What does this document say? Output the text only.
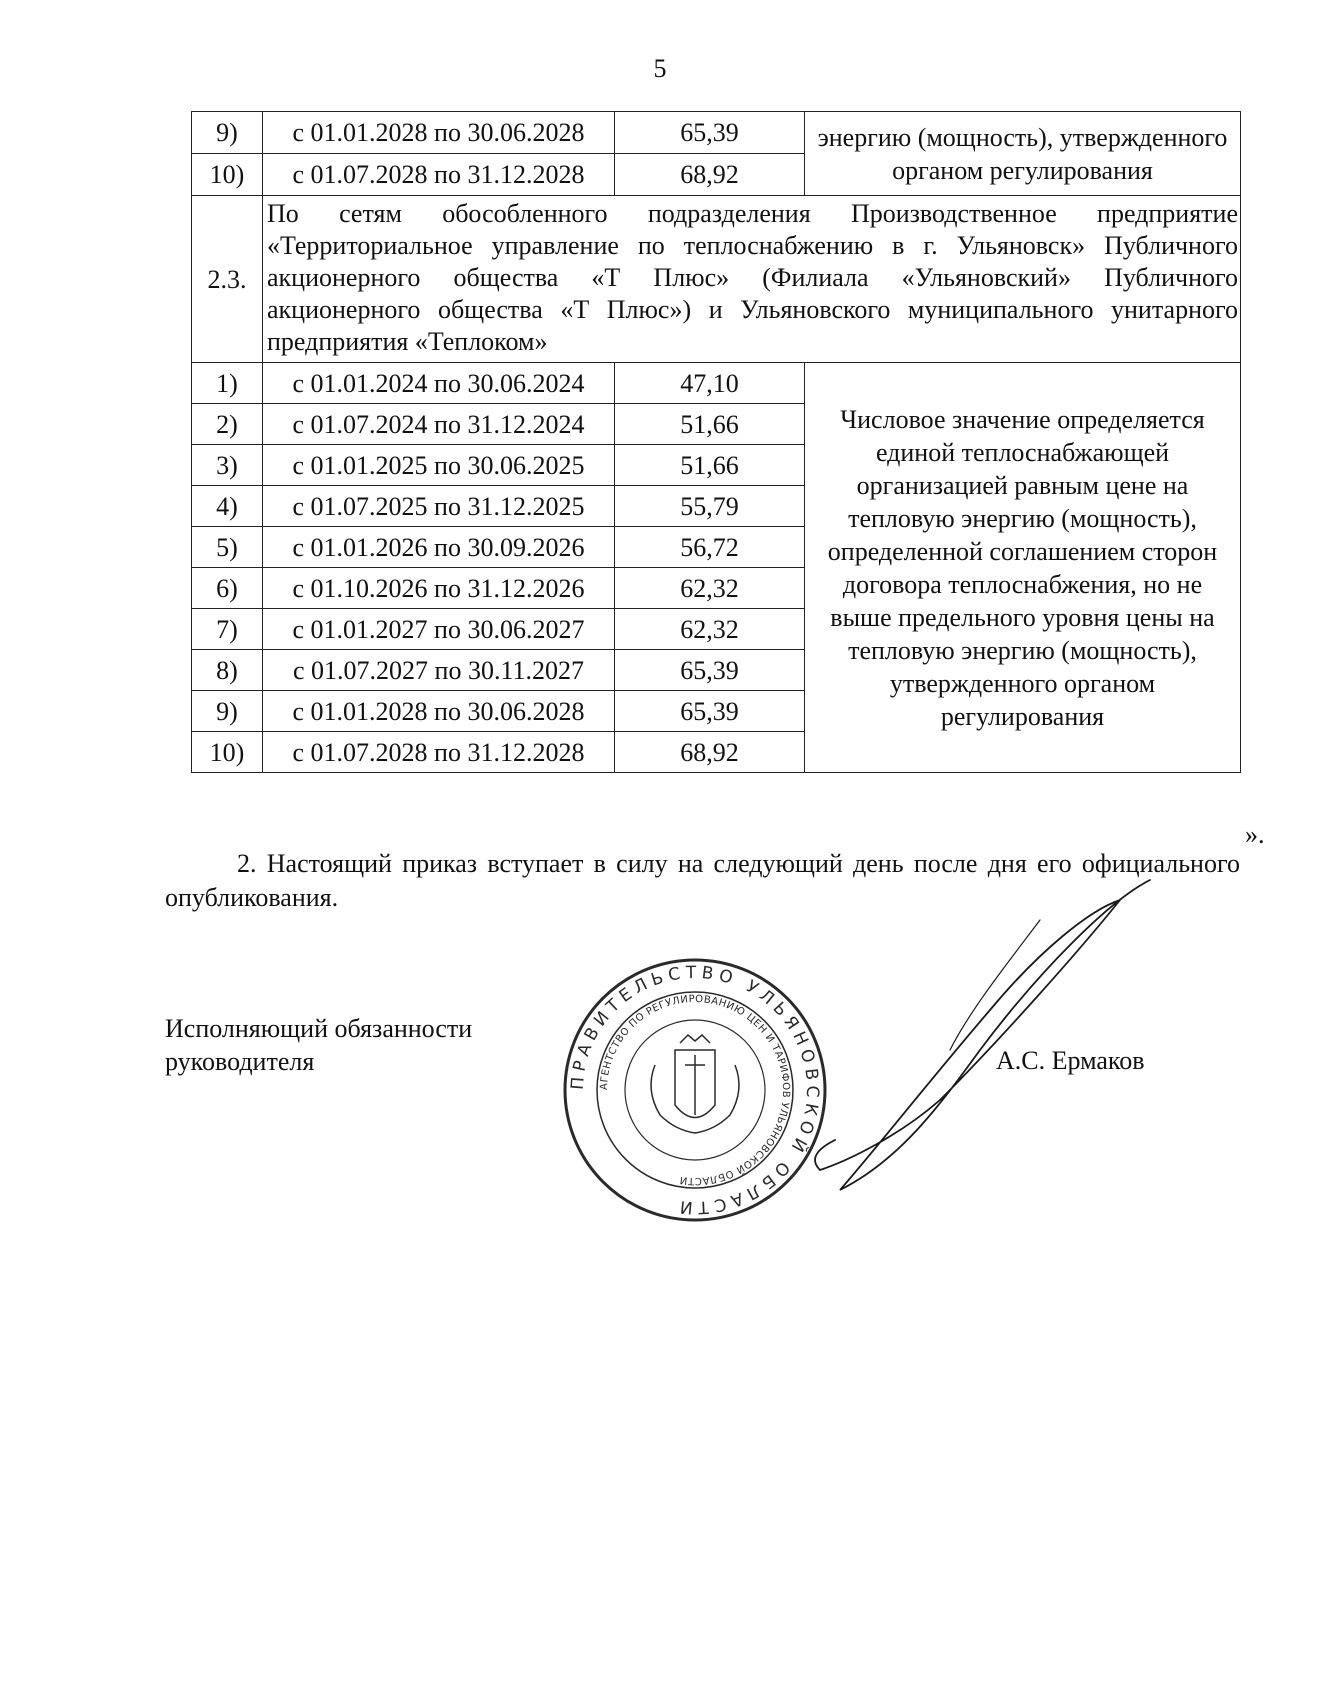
5
9)	с 01.01.2028 по 30.06.2028	65,39	энергию (мощность), утвержденного органом регулирования
10)	с 01.07.2028 по 31.12.2028	68,92	
2.3.	По сетям обособленного подразделения Производственное предприятие «Территориальное управление по теплоснабжению в г. Ульяновск» Публичного акционерного общества «Т Плюс» (Филиала «Ульяновский» Публичного акционерного общества «Т Плюс») и Ульяновского муниципального унитарного предприятия «Теплоком»		
1)	с 01.01.2024 по 30.06.2024	47,10	Числовое значение определяется единой теплоснабжающей организацией равным цене на тепловую энергию (мощность), определенной соглашением сторон договора теплоснабжения, но не выше предельного уровня цены на тепловую энергию (мощность), утвержденного органом регулирования
2)	с 01.07.2024 по 31.12.2024	51,66	
3)	с 01.01.2025 по 30.06.2025	51,66	
4)	с 01.07.2025 по 31.12.2025	55,79	
5)	с 01.01.2026 по 30.09.2026	56,72	
6)	с 01.10.2026 по 31.12.2026	62,32	
7)	с 01.01.2027 по 30.06.2027	62,32	
8)	с 01.07.2027 по 30.11.2027	65,39	
9)	с 01.01.2028 по 30.06.2028	65,39	
10)	с 01.07.2028 по 31.12.2028	68,92	
».
2. Настоящий приказ вступает в силу на следующий день после дня его официального опубликования.
Исполняющий обязанности
руководителя	А.С. Ермаков
ПРАВИТЕЛЬСТВО УЛЬЯНОВСКОЙ ОБЛАСТИ
АГЕНТСТВО ПО РЕГУЛИРОВАНИЮ ЦЕН И ТАРИФОВ УЛЬЯНОВСКОЙ ОБЛАСТИ
